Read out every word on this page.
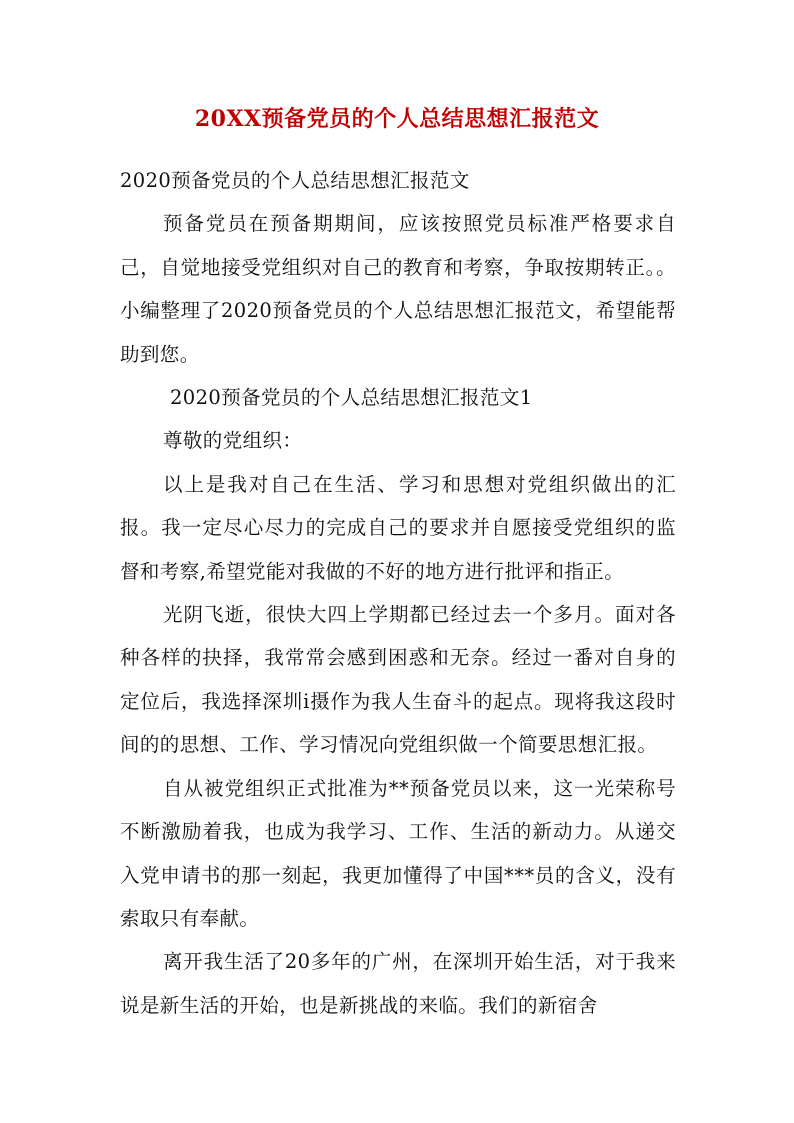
20XX预备党员的个人总结思想汇报范文

2020预备党员的个人总结思想汇报范文

预备党员在预备期期间，应该按照党员标准严格要求自己，自觉地接受党组织对自己的教育和考察，争取按期转正。。小编整理了2020预备党员的个人总结思想汇报范文，希望能帮助到您。

2020预备党员的个人总结思想汇报范文1

尊敬的党组织：

以上是我对自己在生活、学习和思想对党组织做出的汇报。我一定尽心尽力的完成自己的要求并自愿接受党组织的监督和考察,希望党能对我做的不好的地方进行批评和指正。

光阴飞逝，很快大四上学期都已经过去一个多月。面对各种各样的抉择，我常常会感到困惑和无奈。经过一番对自身的定位后，我选择深圳i摄作为我人生奋斗的起点。现将我这段时间的的思想、工作、学习情况向党组织做一个简要思想汇报。

自从被党组织正式批准为**预备党员以来，这一光荣称号不断激励着我，也成为我学习、工作、生活的新动力。从递交入党申请书的那一刻起，我更加懂得了中国***员的含义，没有索取只有奉献。

离开我生活了20多年的广州，在深圳开始生活，对于我来说是新生活的开始，也是新挑战的来临。我们的新宿舍
